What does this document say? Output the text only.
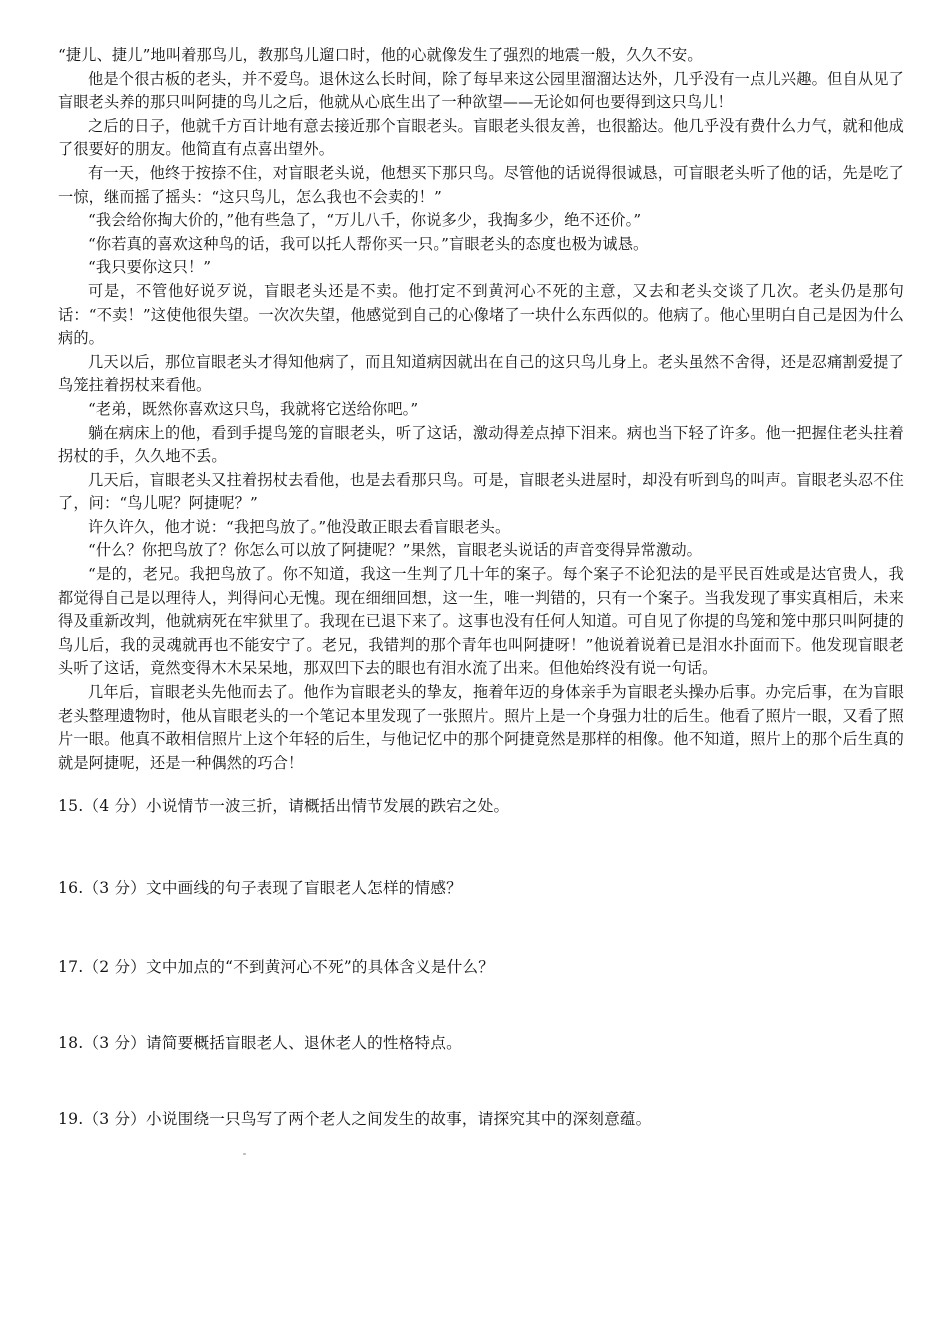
“捷儿、捷儿”地叫着那鸟儿，教那鸟儿遛口时，他的心就像发生了强烈的地震一般，久久不安。

他是个很古板的老头，并不爱鸟。退休这么长时间，除了每早来这公园里溜溜达达外，几乎没有一点儿兴趣。但自从见了盲眼老头养的那只叫阿捷的鸟儿之后，他就从心底生出了一种欲望——无论如何也要得到这只鸟儿！

之后的日子，他就千方百计地有意去接近那个盲眼老头。盲眼老头很友善，也很豁达。他几乎没有费什么力气，就和他成了很要好的朋友。他简直有点喜出望外。

有一天，他终于按捺不住，对盲眼老头说，他想买下那只鸟。尽管他的话说得很诚恳，可盲眼老头听了他的话，先是吃了一惊，继而摇了摇头：“这只鸟儿，怎么我也不会卖的！”

“我会给你掏大价的，”他有些急了，“万儿八千，你说多少，我掏多少，绝不还价。”

“你若真的喜欢这种鸟的话，我可以托人帮你买一只。”盲眼老头的态度也极为诚恳。

“我只要你这只！”

可是，不管他好说歹说，盲眼老头还是不卖。他打定不到黄河心不死的主意，又去和老头交谈了几次。老头仍是那句话：“不卖！”这使他很失望。一次次失望，他感觉到自己的心像堵了一块什么东西似的。他病了。他心里明白自己是因为什么病的。

几天以后，那位盲眼老头才得知他病了，而且知道病因就出在自己的这只鸟儿身上。老头虽然不舍得，还是忍痛割爱提了鸟笼拄着拐杖来看他。

“老弟，既然你喜欢这只鸟，我就将它送给你吧。”

躺在病床上的他，看到手提鸟笼的盲眼老头，听了这话，激动得差点掉下泪来。病也当下轻了许多。他一把握住老头拄着拐杖的手，久久地不丢。

几天后，盲眼老头又拄着拐杖去看他，也是去看那只鸟。可是，盲眼老头进屋时，却没有听到鸟的叫声。盲眼老头忍不住了，问：“鸟儿呢？阿捷呢？”

许久许久，他才说：“我把鸟放了。”他没敢正眼去看盲眼老头。

“什么？你把鸟放了？你怎么可以放了阿捷呢？”果然，盲眼老头说话的声音变得异常激动。

“是的，老兄。我把鸟放了。你不知道，我这一生判了几十年的案子。每个案子不论犯法的是平民百姓或是达官贵人，我都觉得自己是以理待人，判得问心无愧。现在细细回想，这一生，唯一判错的，只有一个案子。当我发现了事实真相后，未来得及重新改判，他就病死在牢狱里了。我现在已退下来了。这事也没有任何人知道。可自见了你提的鸟笼和笼中那只叫阿捷的鸟儿后，我的灵魂就再也不能安宁了。老兄，我错判的那个青年也叫阿捷呀！”他说着说着已是泪水扑面而下。他发现盲眼老头听了这话，竟然变得木木呆呆地，那双凹下去的眼也有泪水流了出来。但他始终没有说一句话。

几年后，盲眼老头先他而去了。他作为盲眼老头的挚友，拖着年迈的身体亲手为盲眼老头操办后事。办完后事，在为盲眼老头整理遗物时，他从盲眼老头的一个笔记本里发现了一张照片。照片上是一个身强力壮的后生。他看了照片一眼，又看了照片一眼。他真不敢相信照片上这个年轻的后生，与他记忆中的那个阿捷竟然是那样的相像。他不知道，照片上的那个后生真的就是阿捷呢，还是一种偶然的巧合！

15.（4 分）小说情节一波三折，请概括出情节发展的跌宕之处。

16.（3 分）文中画线的句子表现了盲眼老人怎样的情感？

17.（2 分）文中加点的“不到黄河心不死”的具体含义是什么？

18.（3 分）请简要概括盲眼老人、退休老人的性格特点。

19.（3 分）小说围绕一只鸟写了两个老人之间发生的故事，请探究其中的深刻意蕴。
